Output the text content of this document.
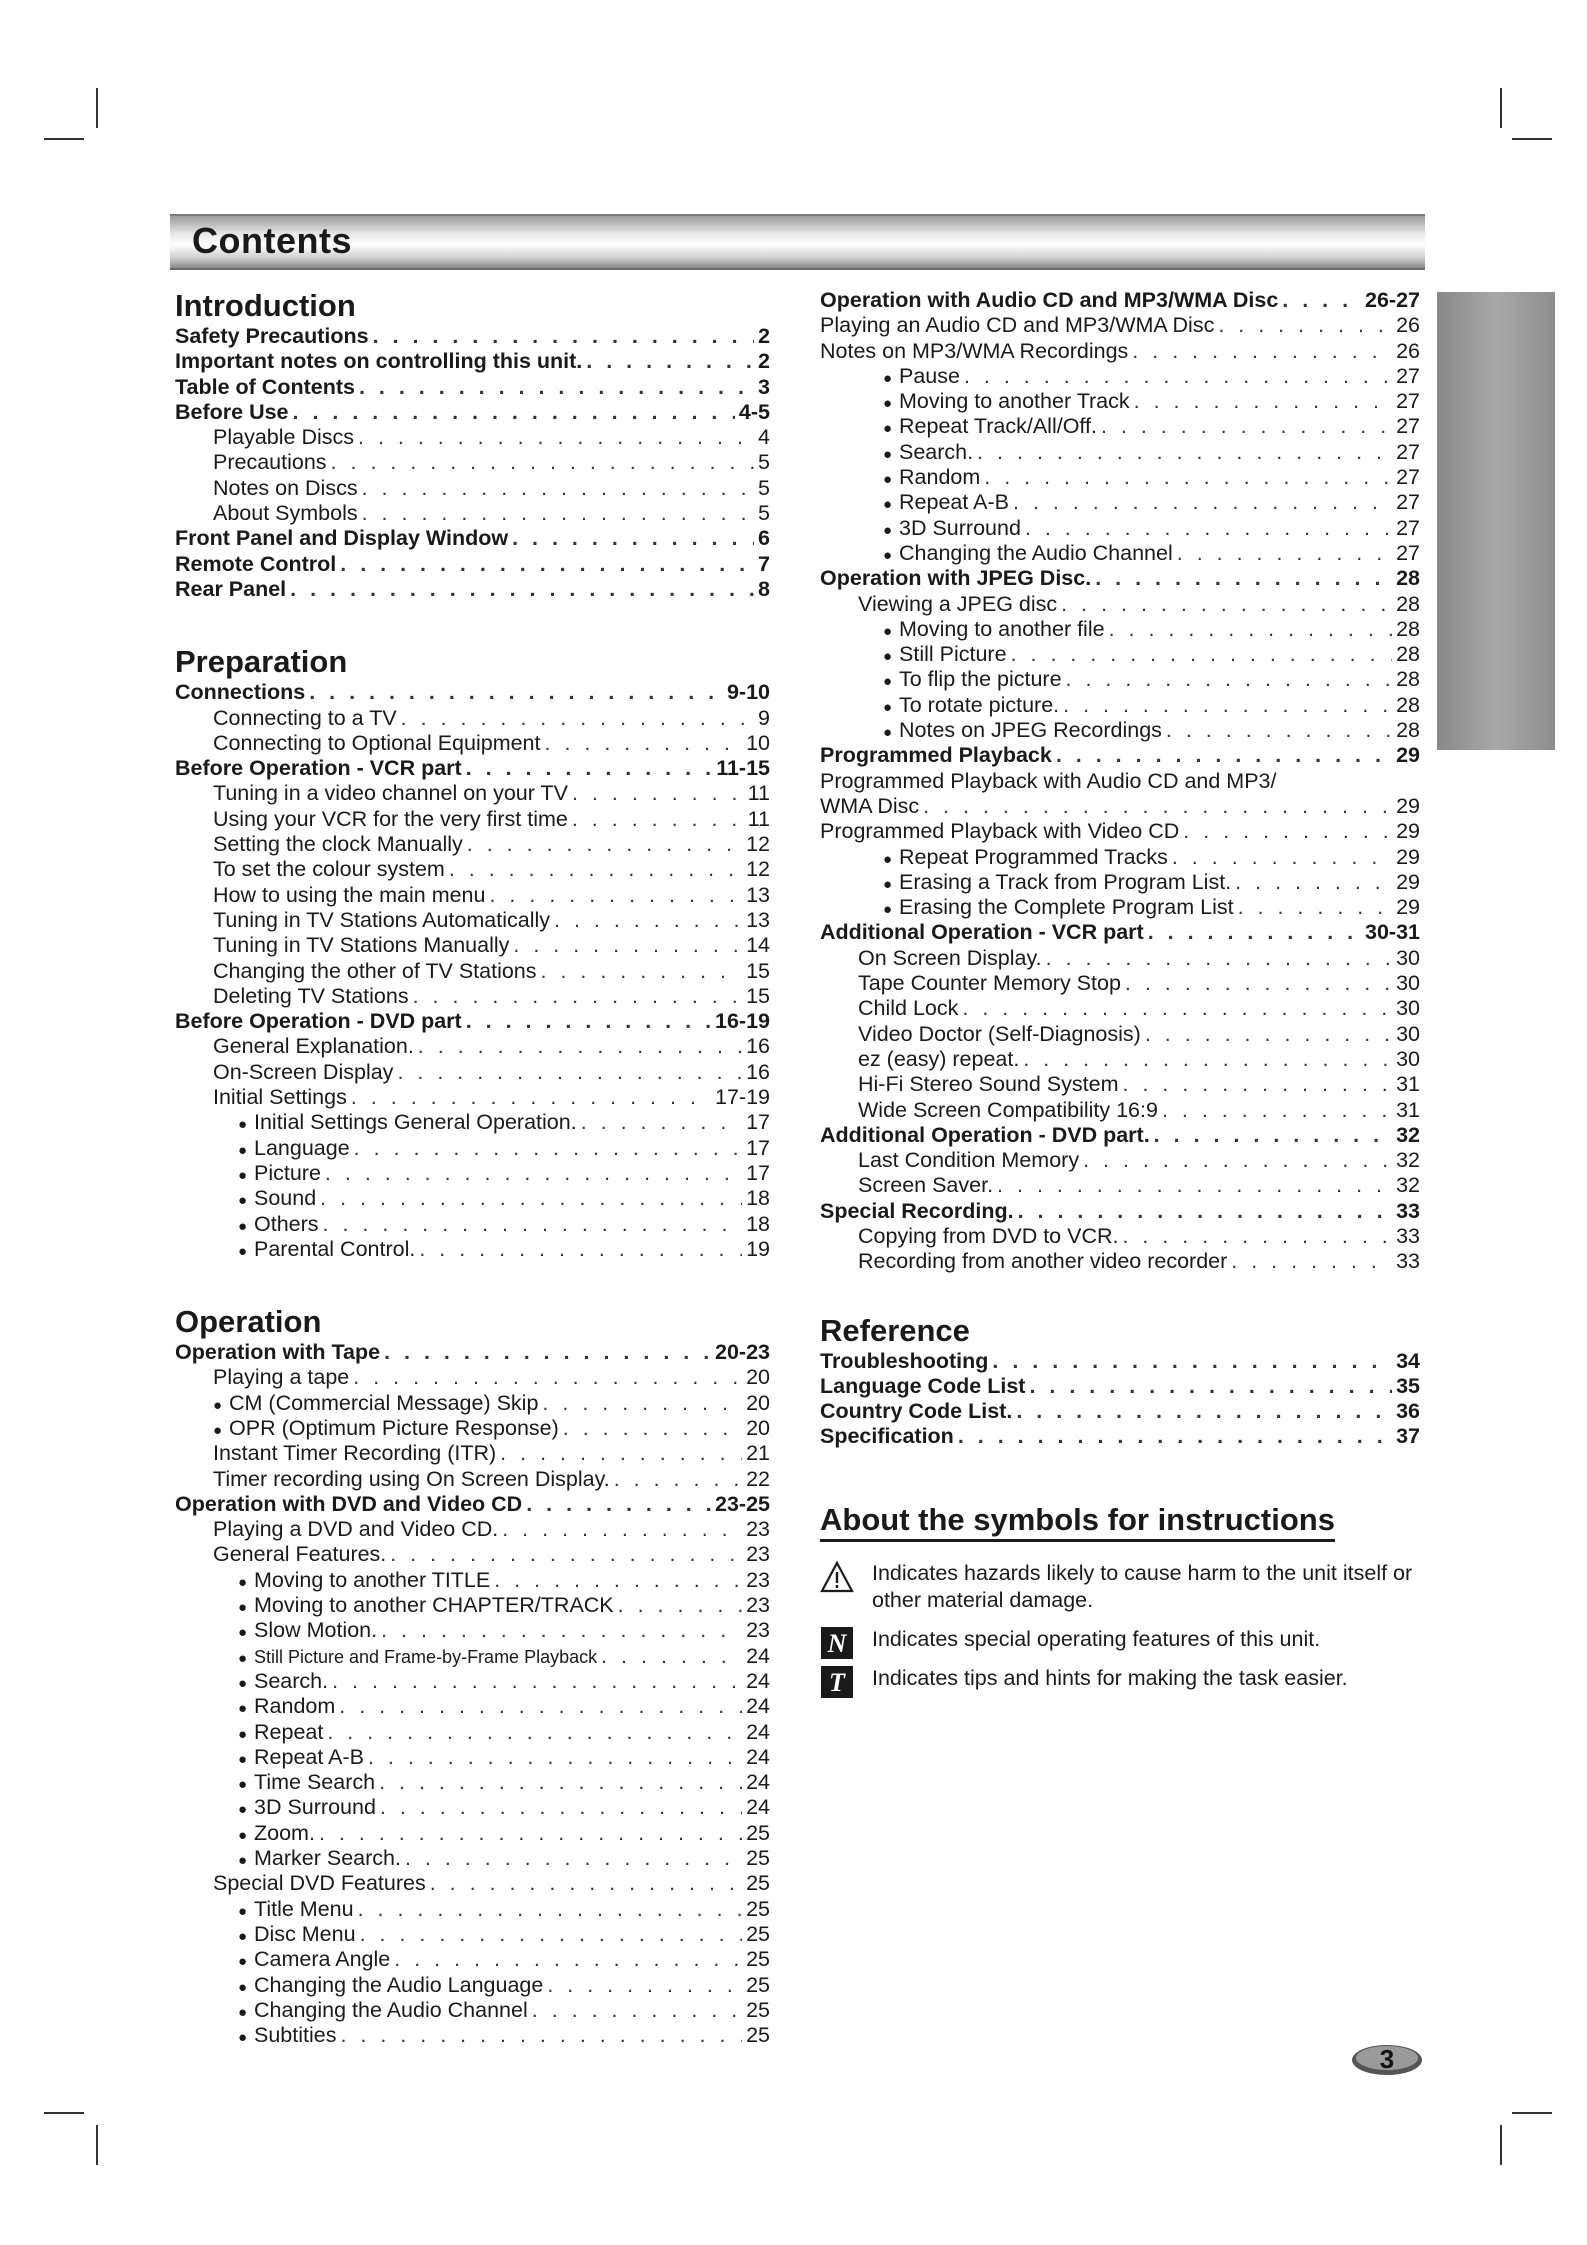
Contents
Introduction
Safety Precautions . . .	2
Important notes on controlling this unit. . . .	2
Table of Contents . . .	3
Before Use . . .	4-5
Playable Discs . . .	4
Precautions . . .	5
Notes on Discs . . .	5
About Symbols . . .	5
Front Panel and Display Window . . .	6
Remote Control . . .	7
Rear Panel . . .	8
Preparation
Connections . . .	9-10
Connecting to a TV . . .	9
Connecting to Optional Equipment . . .	10
Before Operation - VCR part . . .	11-15
Tuning in a video channel on your TV . . .	11
Using your VCR for the very first time . . .	11
Setting the clock Manually . . .	12
To set the colour system . . .	12
How to using the main menu . . .	13
Tuning in TV Stations Automatically . . .	13
Tuning in TV Stations Manually . . .	14
Changing the other of TV Stations . . .	15
Deleting TV Stations . . .	15
Before Operation - DVD part . . .	16-19
General Explanation. . . .	16
On-Screen Display . . .	16
Initial Settings . . .	17-19
● Initial Settings General Operation. . . .	17
● Language . . .	17
● Picture . . .	17
● Sound . . .	18
● Others . . .	18
● Parental Control. . . .	19
Operation
Operation with Tape . . .	20-23
Playing a tape . . .	20
● CM (Commercial Message) Skip . . .	20
● OPR (Optimum Picture Response) . . .	20
Instant Timer Recording (ITR) . . .	21
Timer recording using On Screen Display. . . .	22
Operation with DVD and Video CD . . .	23-25
Playing a DVD and Video CD. . . .	23
General Features. . . .	23
● Moving to another TITLE . . .	23
● Moving to another CHAPTER/TRACK . . .	23
● Slow Motion. . . .	23
● Still Picture and Frame-by-Frame Playback . . .	24
● Search. . . .	24
● Random . . .	24
● Repeat . . .	24
● Repeat A-B . . .	24
● Time Search . . .	24
● 3D Surround . . .	24
● Zoom. . . .	25
● Marker Search. . . .	25
Special DVD Features . . .	25
● Title Menu . . .	25
● Disc Menu . . .	25
● Camera Angle . . .	25
● Changing the Audio Language . . .	25
● Changing the Audio Channel . . .	25
● Subtities . . .	25
Operation with Audio CD and MP3/WMA Disc . . .	26-27
Playing an Audio CD and MP3/WMA Disc . . .	26
Notes on MP3/WMA Recordings . . .	26
● Pause . . .	27
● Moving to another Track . . .	27
● Repeat Track/All/Off. . . .	27
● Search. . . .	27
● Random . . .	27
● Repeat A-B . . .	27
● 3D Surround . . .	27
● Changing the Audio Channel . . .	27
Operation with JPEG Disc. . . .	28
Viewing a JPEG disc . . .	28
● Moving to another file . . .	28
● Still Picture . . .	28
● To flip the picture . . .	28
● To rotate picture. . . .	28
● Notes on JPEG Recordings . . .	28
Programmed Playback . . .	29
Programmed Playback with Audio CD and MP3/
WMA Disc . . .	29
Programmed Playback with Video CD . . .	29
● Repeat Programmed Tracks . . .	29
● Erasing a Track from Program List. . . .	29
● Erasing the Complete Program List . . .	29
Additional Operation - VCR part . . .	30-31
On Screen Display. . . .	30
Tape Counter Memory Stop . . .	30
Child Lock . . .	30
Video Doctor (Self-Diagnosis) . . .	30
ez (easy) repeat. . . .	30
Hi-Fi Stereo Sound System . . .	31
Wide Screen Compatibility 16:9 . . .	31
Additional Operation - DVD part. . . .	32
Last Condition Memory . . .	32
Screen Saver. . . .	32
Special Recording. . . .	33
Copying from DVD to VCR. . . .	33
Recording from another video recorder . . .	33
Reference
Troubleshooting . . .	34
Language Code List . . .	35
Country Code List. . . .	36
Specification . . .	37
About the symbols for instructions
Indicates hazards likely to cause harm to the unit itself or other material damage.
N Indicates special operating features of this unit.
T Indicates tips and hints for making the task easier.
3
